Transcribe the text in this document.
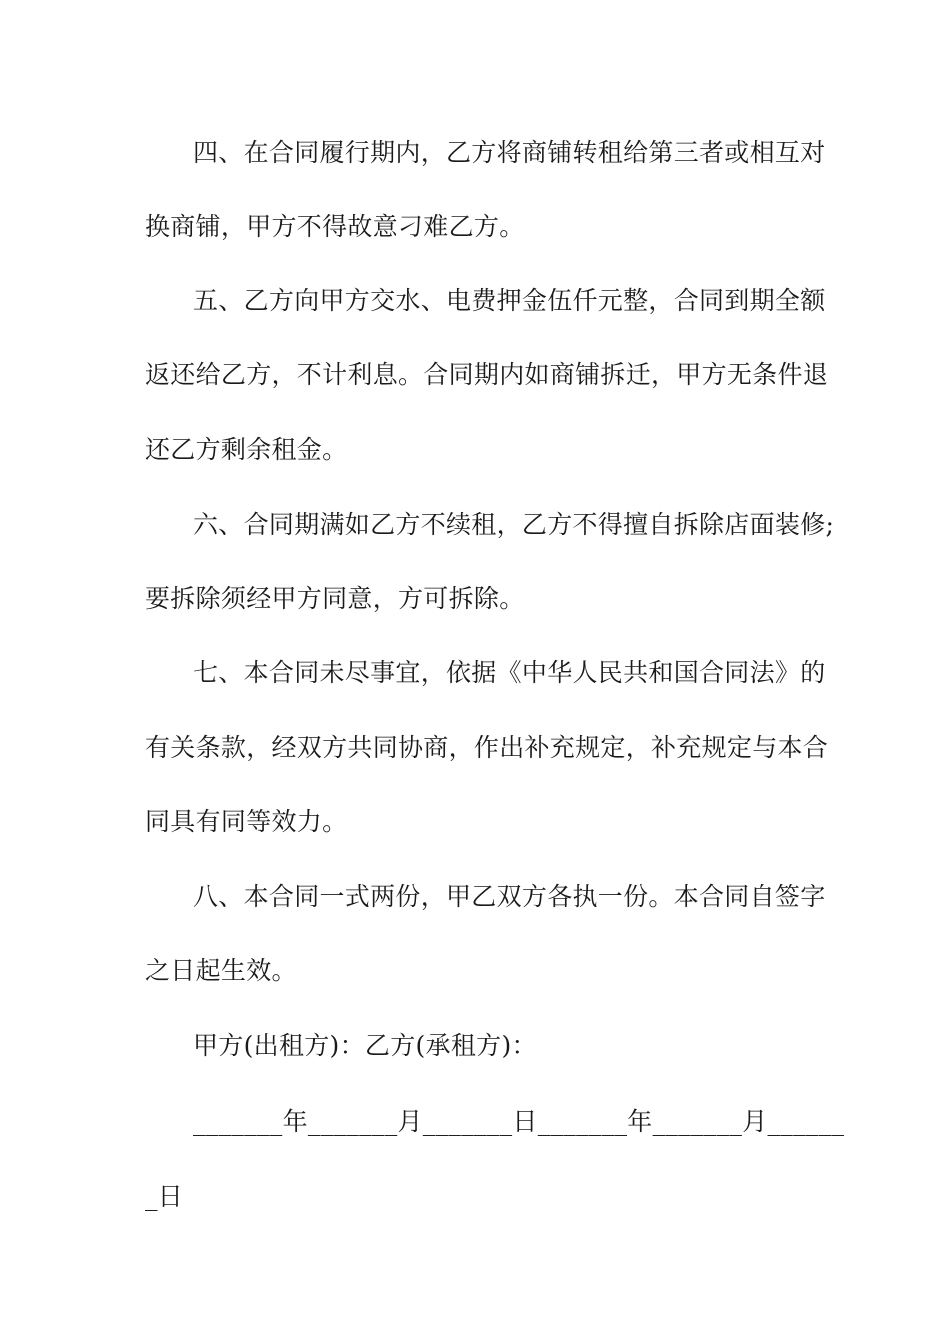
四、在合同履行期内，乙方将商铺转租给第三者或相互对
换商铺，甲方不得故意刁难乙方。
五、乙方向甲方交水、电费押金伍仟元整，合同到期全额
返还给乙方，不计利息。合同期内如商铺拆迁，甲方无条件退
还乙方剩余租金。
六、合同期满如乙方不续租，乙方不得擅自拆除店面装修;
要拆除须经甲方同意，方可拆除。
七、本合同未尽事宜，依据《中华人民共和国合同法》的
有关条款，经双方共同协商，作出补充规定，补充规定与本合
同具有同等效力。
八、本合同一式两份，甲乙双方各执一份。本合同自签字
之日起生效。
甲方(出租方)：乙方(承租方)：
_______年_______月_______日_______年_______月______
_日
